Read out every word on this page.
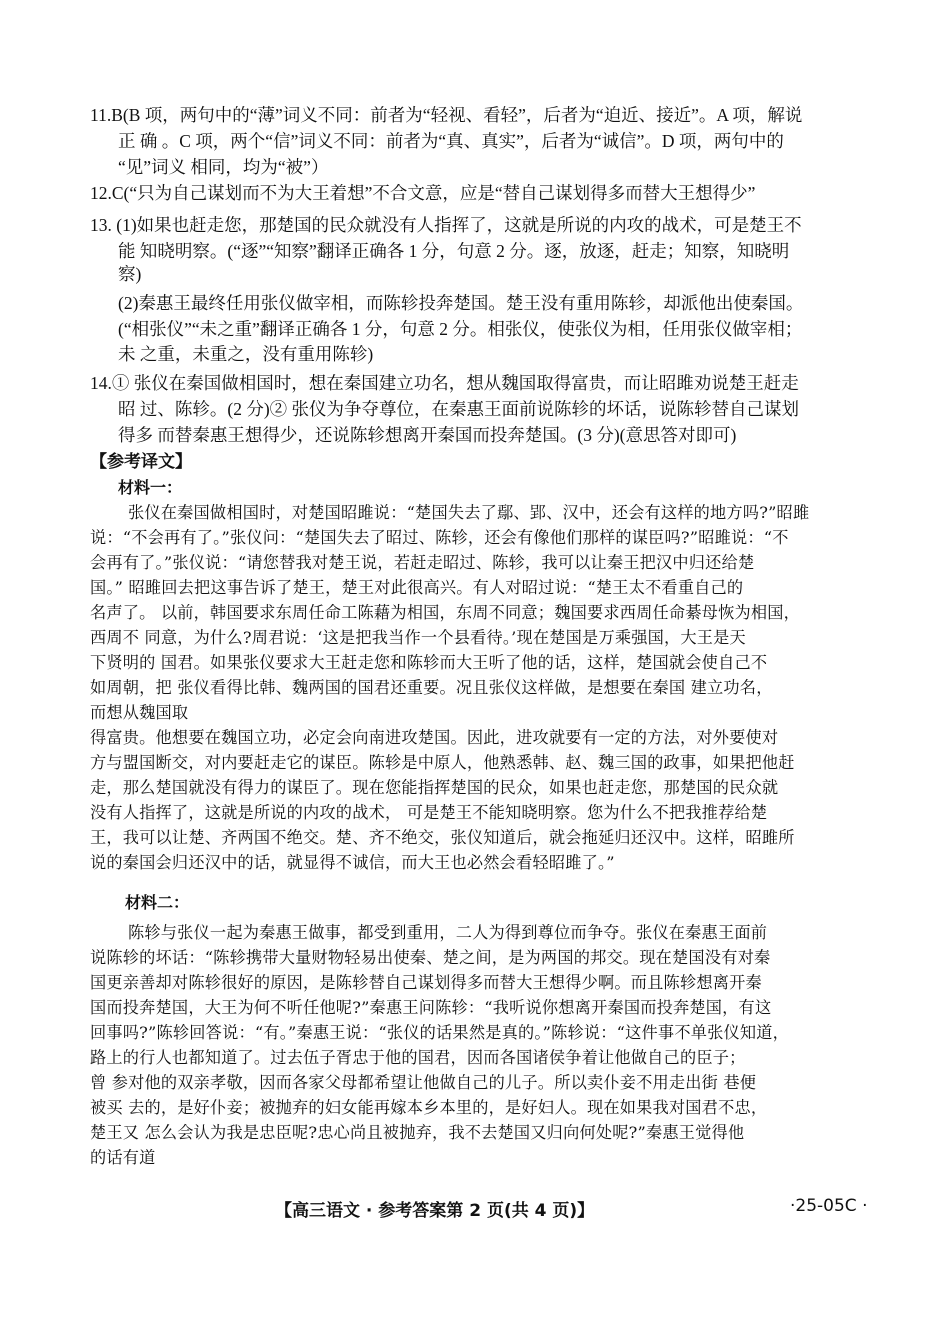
11.B(B 项，两句中的“薄”词义不同：前者为“轻视、看轻”，后者为“迫近、接近”。A 项，解说
正 确 。C 项，两个“信”词义不同：前者为“真、真实”，后者为“诚信”。D 项，两句中的
“见”词义 相同，均为“被”）
12.C(“只为自己谋划而不为大王着想”不合文意，应是“替自己谋划得多而替大王想得少”
13. (1)如果也赶走您，那楚国的民众就没有人指挥了，这就是所说的内攻的战术，可是楚王不
能 知晓明察。(“逐”“知察”翻译正确各 1 分，句意 2 分。逐，放逐，赶走；知察，知晓明
察)
(2)秦惠王最终任用张仪做宰相，而陈轸投奔楚国。楚王没有重用陈轸，却派他出使秦国。
(“相张仪”“未之重”翻译正确各 1 分，句意 2 分。相张仪，使张仪为相，任用张仪做宰相；
未 之重，未重之，没有重用陈轸)
14.① 张仪在秦国做相国时，想在秦国建立功名，想从魏国取得富贵，而让昭雎劝说楚王赶走
昭 过、陈轸。(2 分)② 张仪为争夺尊位，在秦惠王面前说陈轸的坏话，说陈轸替自己谋划
得多 而替秦惠王想得少，还说陈轸想离开秦国而投奔楚国。(3 分)(意思答对即可)
【参考译文】
材料一：
张仪在秦国做相国时，对楚国昭雎说：“楚国失去了鄢、郢、汉中，还会有这样的地方吗?”昭雎
说：“不会再有了。”张仪问：“楚国失去了昭过、陈轸，还会有像他们那样的谋臣吗?”昭雎说：“不
会再有了。”张仪说：“请您替我对楚王说，若赶走昭过、陈轸，我可以让秦王把汉中归还给楚
国。” 昭雎回去把这事告诉了楚王，楚王对此很高兴。有人对昭过说：“楚王太不看重自己的
名声了。 以前，韩国要求东周任命工陈藉为相国，东周不同意；魏国要求西周任命綦母恢为相国，
西周不 同意，为什么?周君说：‘这是把我当作一个县看待。’现在楚国是万乘强国，大王是天
下贤明的 国君。如果张仪要求大王赶走您和陈轸而大王听了他的话，这样，楚国就会使自己不
如周朝，把 张仪看得比韩、魏两国的国君还重要。况且张仪这样做，是想要在秦国 建立功名，
而想从魏国取
得富贵。他想要在魏国立功，必定会向南进攻楚国。因此，进攻就要有一定的方法，对外要使对
方与盟国断交，对内要赶走它的谋臣。陈轸是中原人，他熟悉韩、赵、魏三国的政事，如果把他赶
走，那么楚国就没有得力的谋臣了。现在您能指挥楚国的民众，如果也赶走您，那楚国的民众就
没有人指挥了，这就是所说的内攻的战术， 可是楚王不能知晓明察。您为什么不把我推荐给楚
王，我可以让楚、齐两国不绝交。楚、齐不绝交，张仪知道后，就会拖延归还汉中。这样，昭雎所
说的秦国会归还汉中的话，就显得不诚信，而大王也必然会看轻昭雎了。”
材料二：
陈轸与张仪一起为秦惠王做事，都受到重用，二人为得到尊位而争夺。张仪在秦惠王面前
说陈轸的坏话：“陈轸携带大量财物轻易出使秦、楚之间，是为两国的邦交。现在楚国没有对秦
国更亲善却对陈轸很好的原因，是陈轸替自己谋划得多而替大王想得少啊。而且陈轸想离开秦
国而投奔楚国，大王为何不听任他呢?”秦惠王问陈轸：“我听说你想离开秦国而投奔楚国，有这
回事吗?”陈轸回答说：“有。”秦惠王说：“张仪的话果然是真的。”陈轸说：“这件事不单张仪知道，
路上的行人也都知道了。过去伍子胥忠于他的国君，因而各国诸侯争着让他做自己的臣子；
曾 参对他的双亲孝敬，因而各家父母都希望让他做自己的儿子。所以卖仆妾不用走出街 巷便
被买 去的，是好仆妾；被抛弃的妇女能再嫁本乡本里的，是好妇人。现在如果我对国君不忠，
楚王又 怎么会认为我是忠臣呢?忠心尚且被抛弃，我不去楚国又归向何处呢?”秦惠王觉得他
的话有道
【高三语文 · 参考答案第 2 页(共 4 页)】	·25-05C ·
